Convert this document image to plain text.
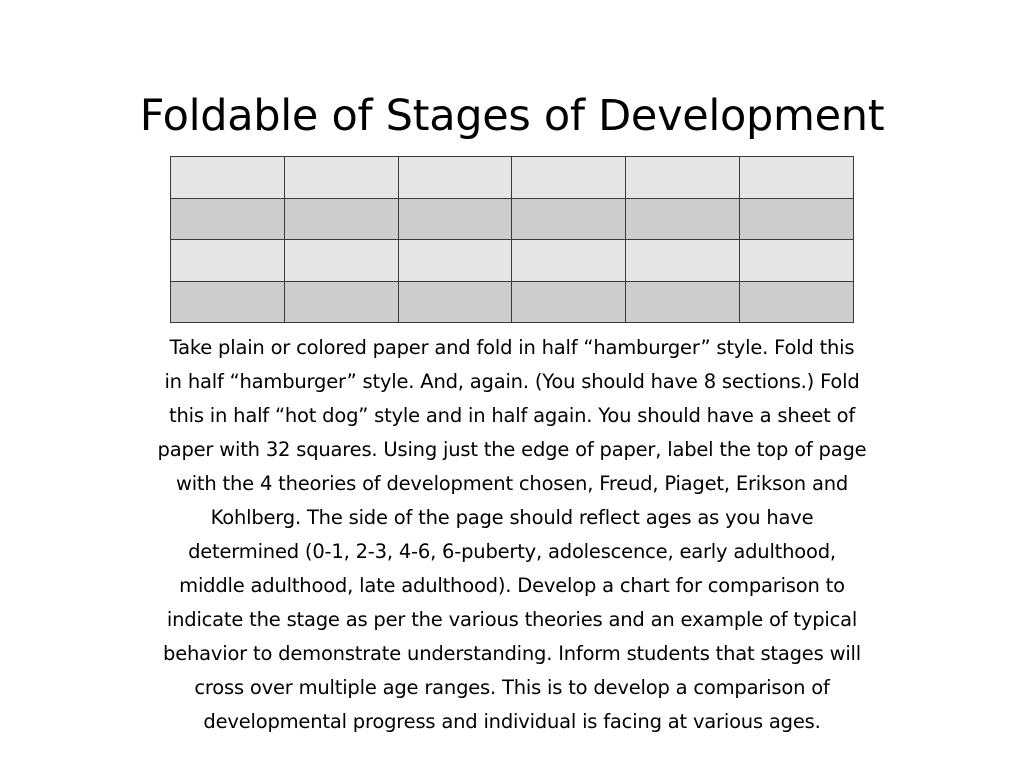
Foldable of Stages of Development

Take plain or colored paper and fold in half “hamburger” style. Fold this
in half “hamburger” style. And, again. (You should have 8 sections.) Fold
this in half “hot dog” style and in half again. You should have a sheet of
paper with 32 squares. Using just the edge of paper, label the top of page
with the 4 theories of development chosen, Freud, Piaget, Erikson and
Kohlberg. The side of the page should reflect ages as you have
determined (0-1, 2-3, 4-6, 6-puberty, adolescence, early adulthood,
middle adulthood, late adulthood). Develop a chart for comparison to
indicate the stage as per the various theories and an example of typical
behavior to demonstrate understanding. Inform students that stages will
cross over multiple age ranges. This is to develop a comparison of
developmental progress and individual is facing at various ages.
